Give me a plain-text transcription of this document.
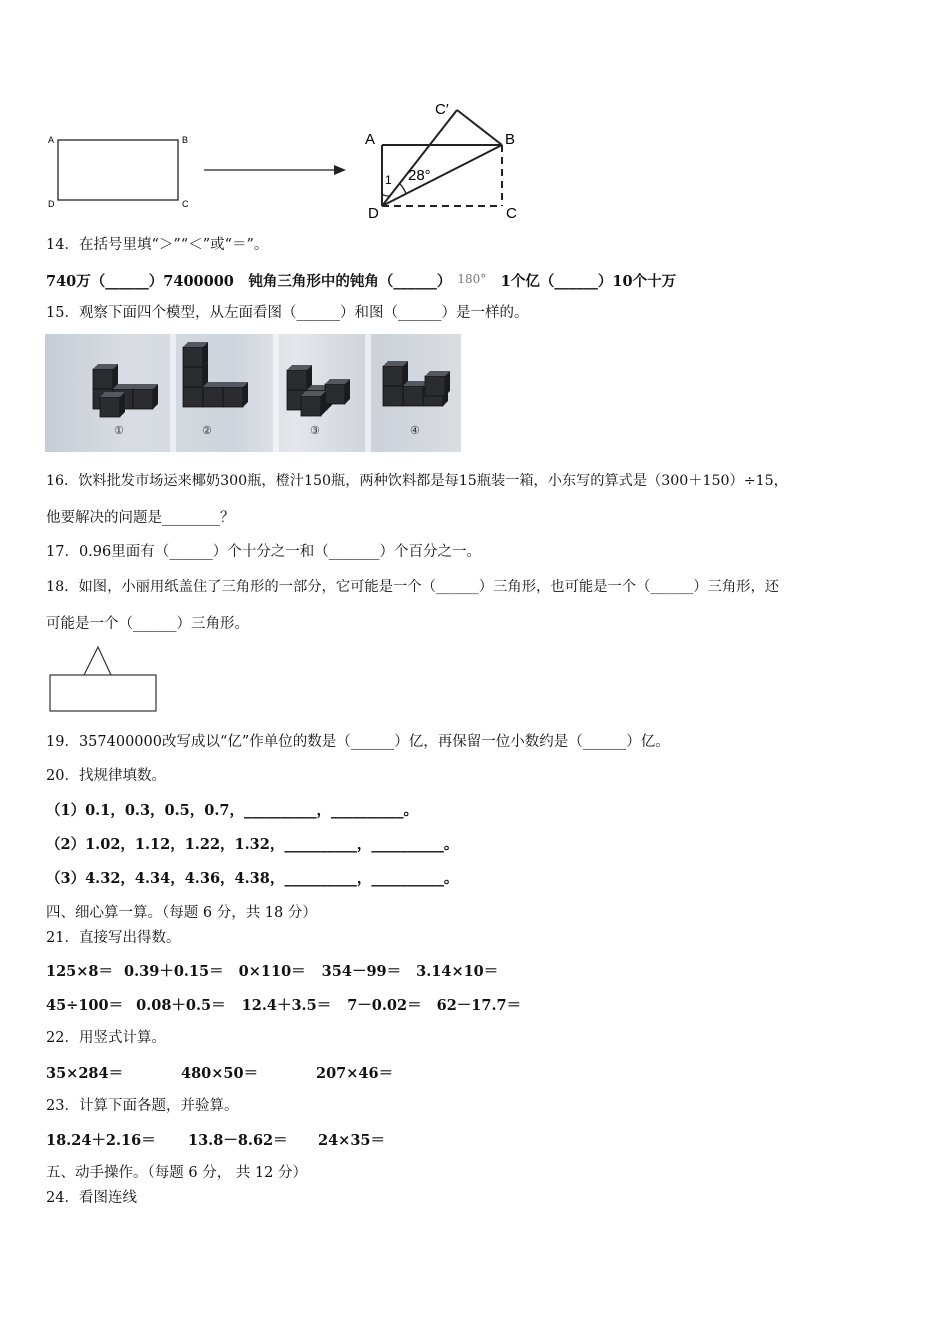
A	B
D	C
C′
A	B
D	C
1 28°
14．在括号里填“＞”“＜”或“＝”。
740万（______）7400000　钝角三角形中的钝角（______） $^{180^\circ}$　1个亿（______）10个十万
15．观察下面四个模型，从左面看图（______）和图（______）是一样的。
①	②	③	④
16．饮料批发市场运来椰奶300瓶，橙汁150瓶，两种饮料都是每15瓶装一箱，小东写的算式是（300＋150）÷15，
他要解决的问题是________？
17．0.96里面有（______）个十分之一和（_______）个百分之一。
18．如图，小丽用纸盖住了三角形的一部分，它可能是一个（______）三角形，也可能是一个（______）三角形，还
可能是一个（______）三角形。
19．357400000改写成以“亿”作单位的数是（______）亿，再保留一位小数约是（______）亿。
20．找规律填数。
（1）0.1，0.3，0.5，0.7，__________，__________。
（2）1.02，1.12，1.22，1.32，__________，__________。
（3）4.32，4.34，4.36，4.38，__________，__________。
四、细心算一算。（每题 6 分，共 18 分）
21．直接写出得数。
125×8＝ 0.39＋0.15＝ 0×110＝ 354－99＝ 3.14×10＝
45÷100＝ 0.08＋0.5＝ 12.4＋3.5＝ 7－0.02＝ 62－17.7＝
22．用竖式计算。
35×284＝	480×50＝	207×46＝
23．计算下面各题，并验算。
18.24＋2.16＝ 13.8－8.62＝ 24×35＝
五、动手操作。（每题 6 分， 共 12 分）
24．看图连线
